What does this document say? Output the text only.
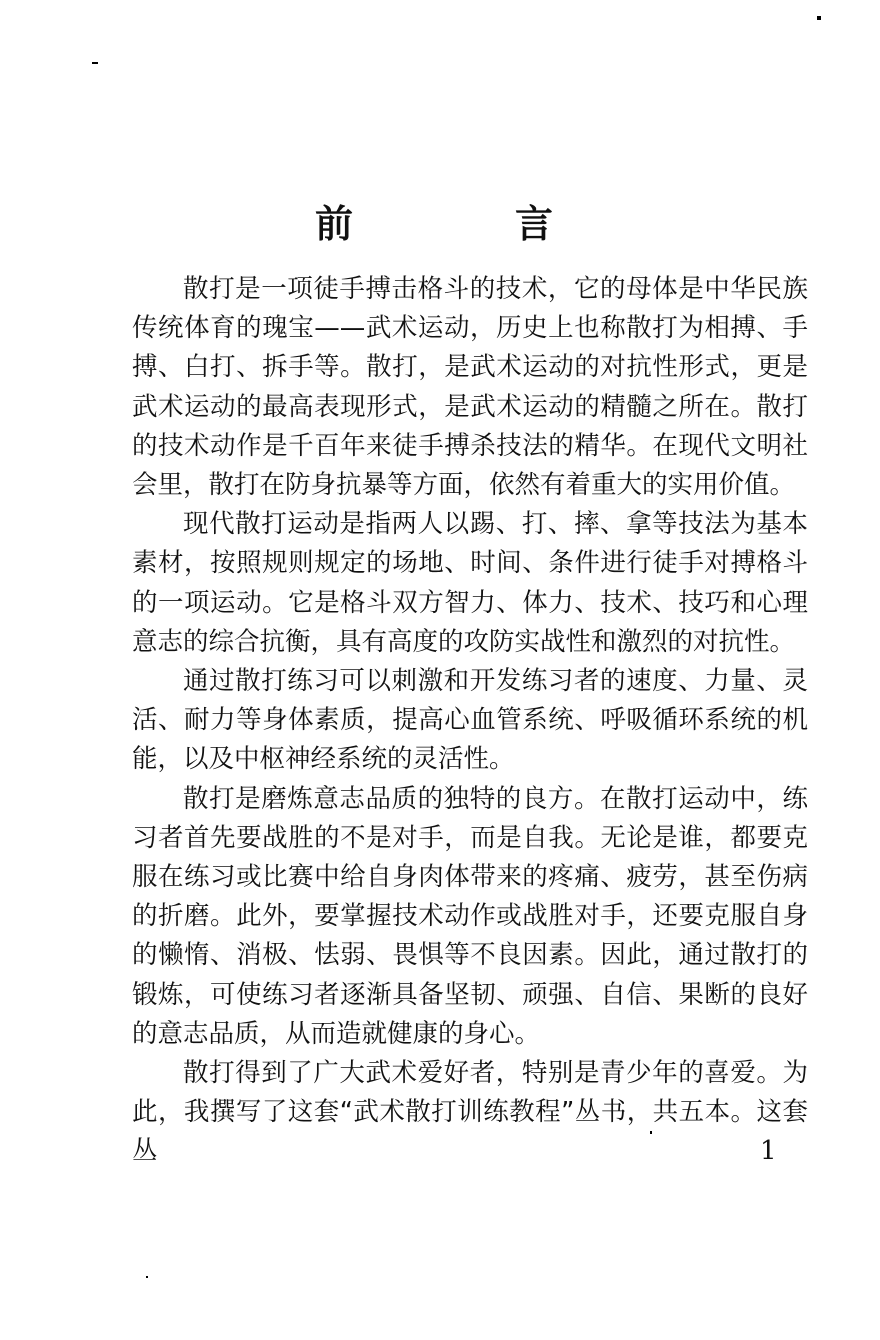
前　言

散打是一项徒手搏击格斗的技术，它的母体是中华民族传统体育的瑰宝——武术运动，历史上也称散打为相搏、手搏、白打、拆手等。散打，是武术运动的对抗性形式，更是武术运动的最高表现形式，是武术运动的精髓之所在。散打的技术动作是千百年来徒手搏杀技法的精华。在现代文明社会里，散打在防身抗暴等方面，依然有着重大的实用价值。

现代散打运动是指两人以踢、打、摔、拿等技法为基本素材，按照规则规定的场地、时间、条件进行徒手对搏格斗的一项运动。它是格斗双方智力、体力、技术、技巧和心理意志的综合抗衡，具有高度的攻防实战性和激烈的对抗性。

通过散打练习可以刺激和开发练习者的速度、力量、灵活、耐力等身体素质，提高心血管系统、呼吸循环系统的机能，以及中枢神经系统的灵活性。

散打是磨炼意志品质的独特的良方。在散打运动中，练习者首先要战胜的不是对手，而是自我。无论是谁，都要克服在练习或比赛中给自身肉体带来的疼痛、疲劳，甚至伤病的折磨。此外，要掌握技术动作或战胜对手，还要克服自身的懒惰、消极、怯弱、畏惧等不良因素。因此，通过散打的锻炼，可使练习者逐渐具备坚韧、顽强、自信、果断的良好的意志品质，从而造就健康的身心。

散打得到了广大武术爱好者，特别是青少年的喜爱。为此，我撰写了这套“武术散打训练教程”丛书，共五本。这套丛	1
